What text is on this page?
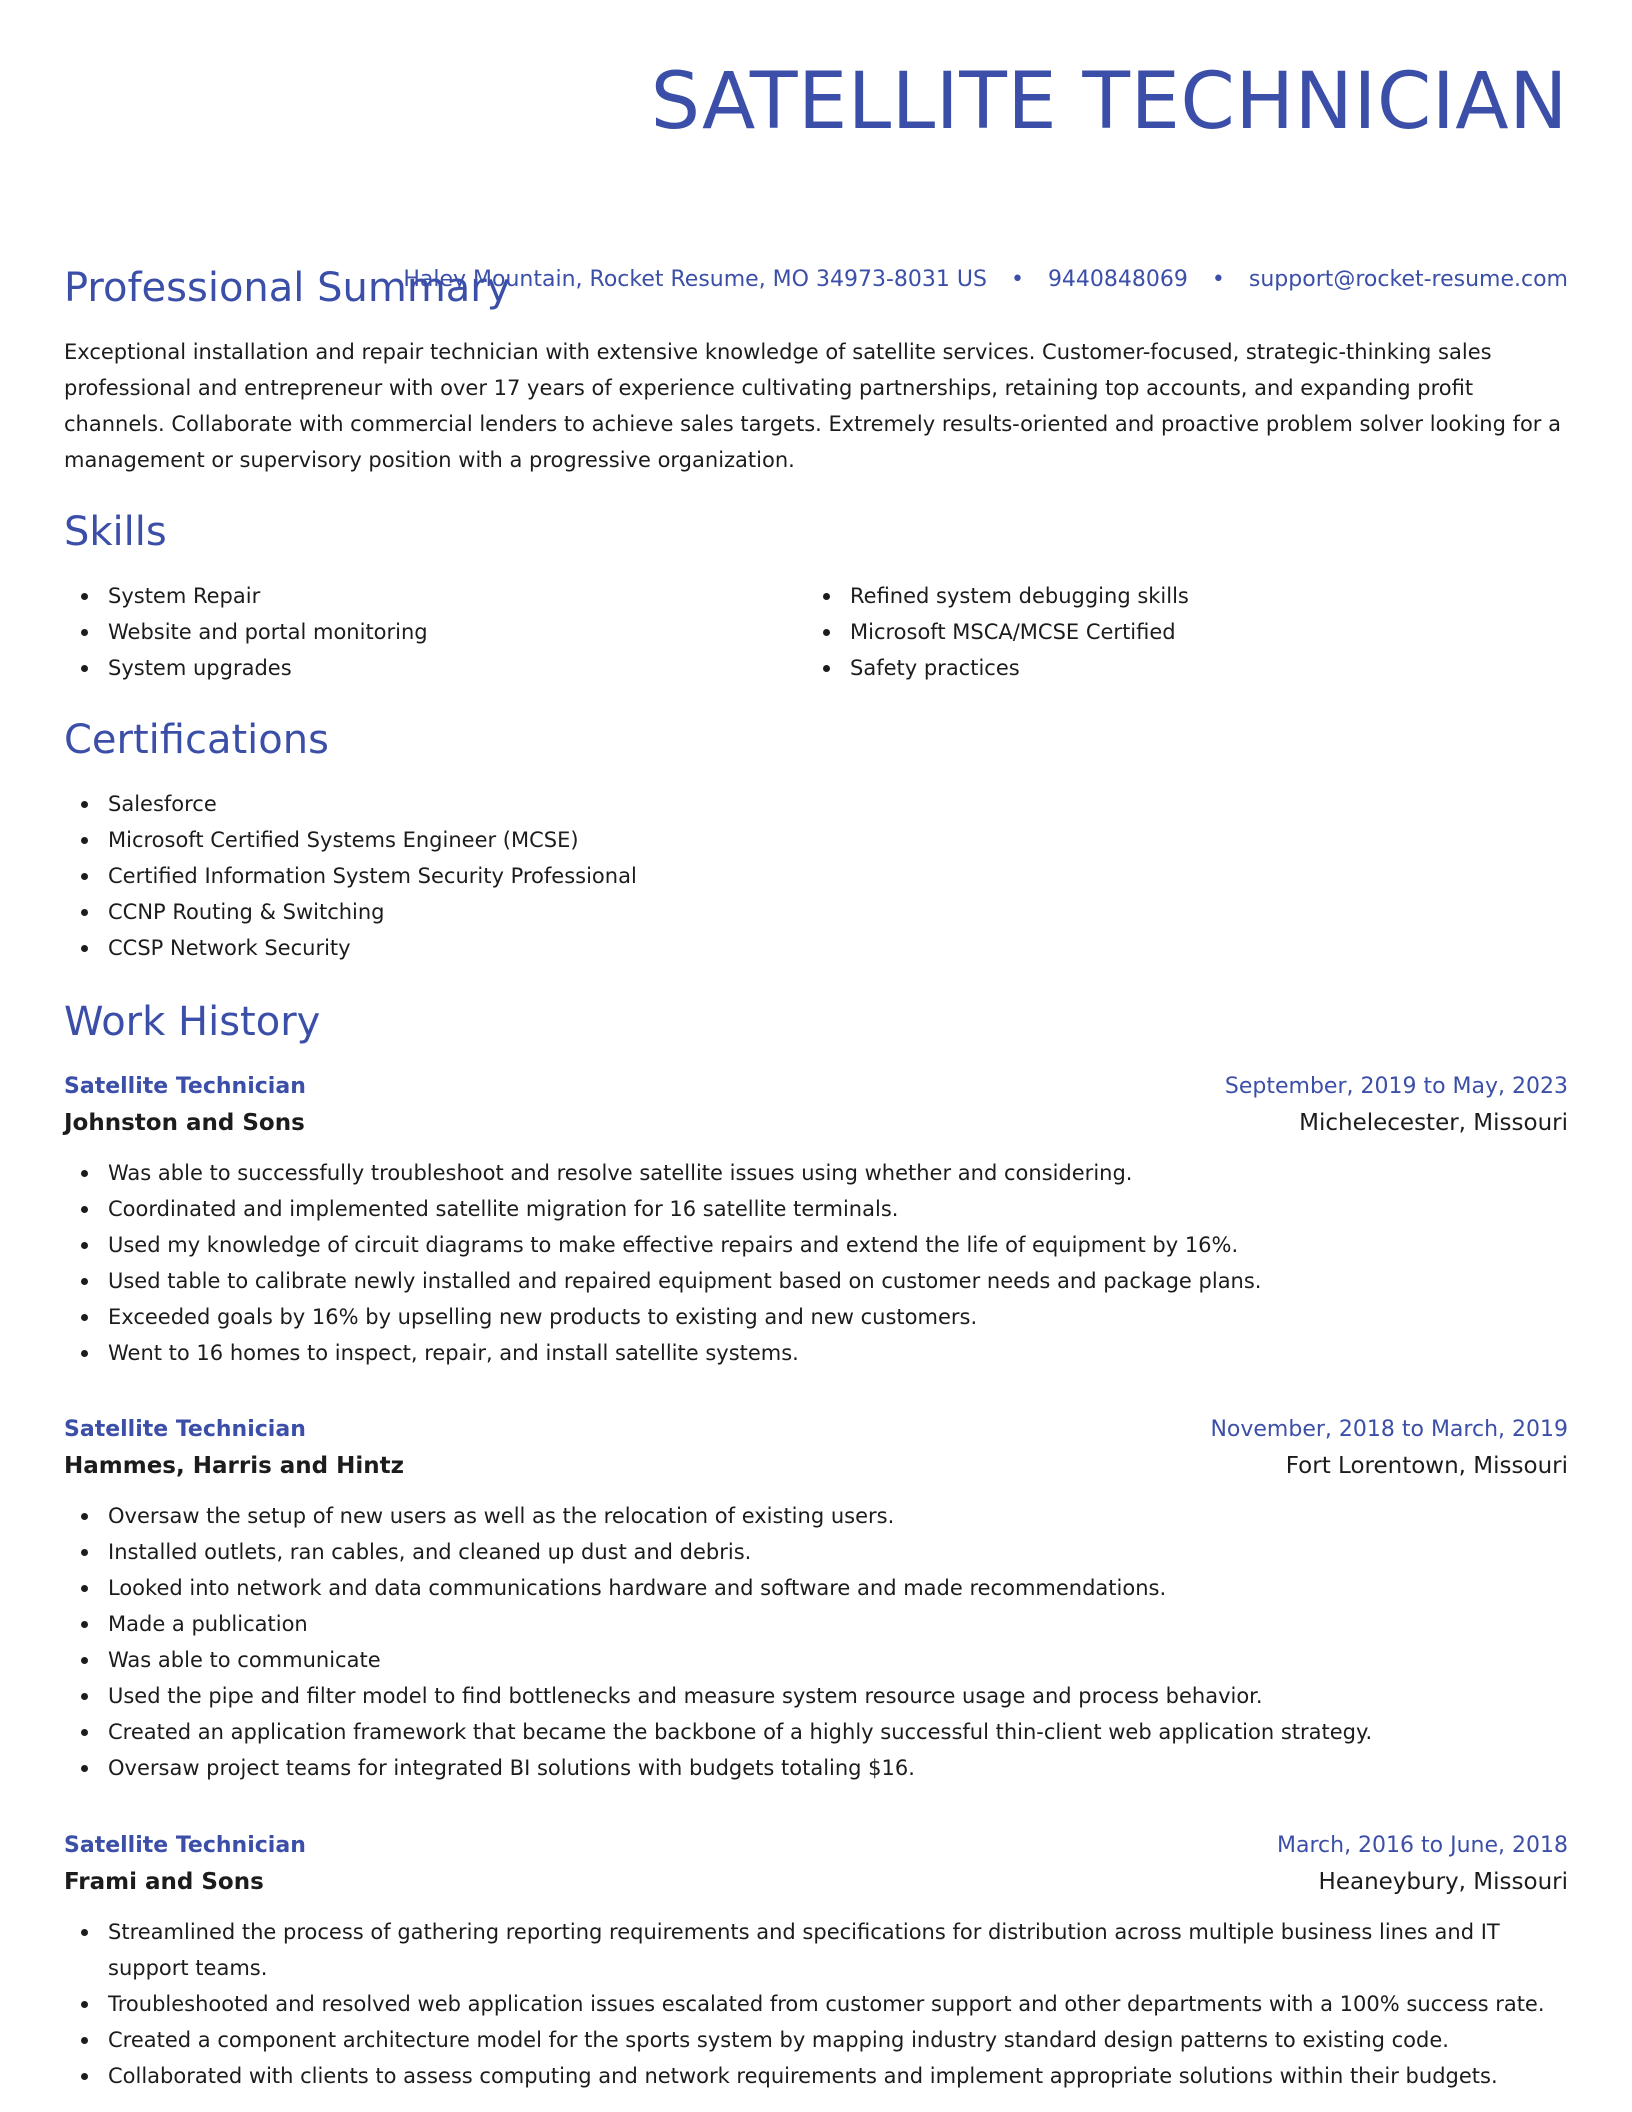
SATELLITE TECHNICIAN
Haley Mountain, Rocket Resume, MO 34973-8031 US • 9440848069 • support@rocket-resume.com
Professional Summary

Exceptional installation and repair technician with extensive knowledge of satellite services. Customer-focused, strategic-thinking sales professional and entrepreneur with over 17 years of experience cultivating partnerships, retaining top accounts, and expanding profit channels. Collaborate with commercial lenders to achieve sales targets. Extremely results-oriented and proactive problem solver looking for a management or supervisory position with a progressive organization.

Skills
System Repair
Website and portal monitoring
System upgrades
Refined system debugging skills
Microsoft MSCA/MCSE Certified
Safety practices
Certifications
Salesforce
Microsoft Certified Systems Engineer (MCSE)
Certified Information System Security Professional
CCNP Routing & Switching
CCSP Network Security
Work History
Satellite Technician	September, 2019 to May, 2023
Johnston and Sons	Michelecester, Missouri
Was able to successfully troubleshoot and resolve satellite issues using whether and considering.
Coordinated and implemented satellite migration for 16 satellite terminals.
Used my knowledge of circuit diagrams to make effective repairs and extend the life of equipment by 16%.
Used table to calibrate newly installed and repaired equipment based on customer needs and package plans.
Exceeded goals by 16% by upselling new products to existing and new customers.
Went to 16 homes to inspect, repair, and install satellite systems.
Satellite Technician	November, 2018 to March, 2019
Hammes, Harris and Hintz	Fort Lorentown, Missouri
Oversaw the setup of new users as well as the relocation of existing users.
Installed outlets, ran cables, and cleaned up dust and debris.
Looked into network and data communications hardware and software and made recommendations.
Made a publication
Was able to communicate
Used the pipe and filter model to find bottlenecks and measure system resource usage and process behavior.
Created an application framework that became the backbone of a highly successful thin-client web application strategy.
Oversaw project teams for integrated BI solutions with budgets totaling $16.
Satellite Technician	March, 2016 to June, 2018
Frami and Sons	Heaneybury, Missouri
Streamlined the process of gathering reporting requirements and specifications for distribution across multiple business lines and IT support teams.
Troubleshooted and resolved web application issues escalated from customer support and other departments with a 100% success rate.
Created a component architecture model for the sports system by mapping industry standard design patterns to existing code.
Collaborated with clients to assess computing and network requirements and implement appropriate solutions within their budgets.
